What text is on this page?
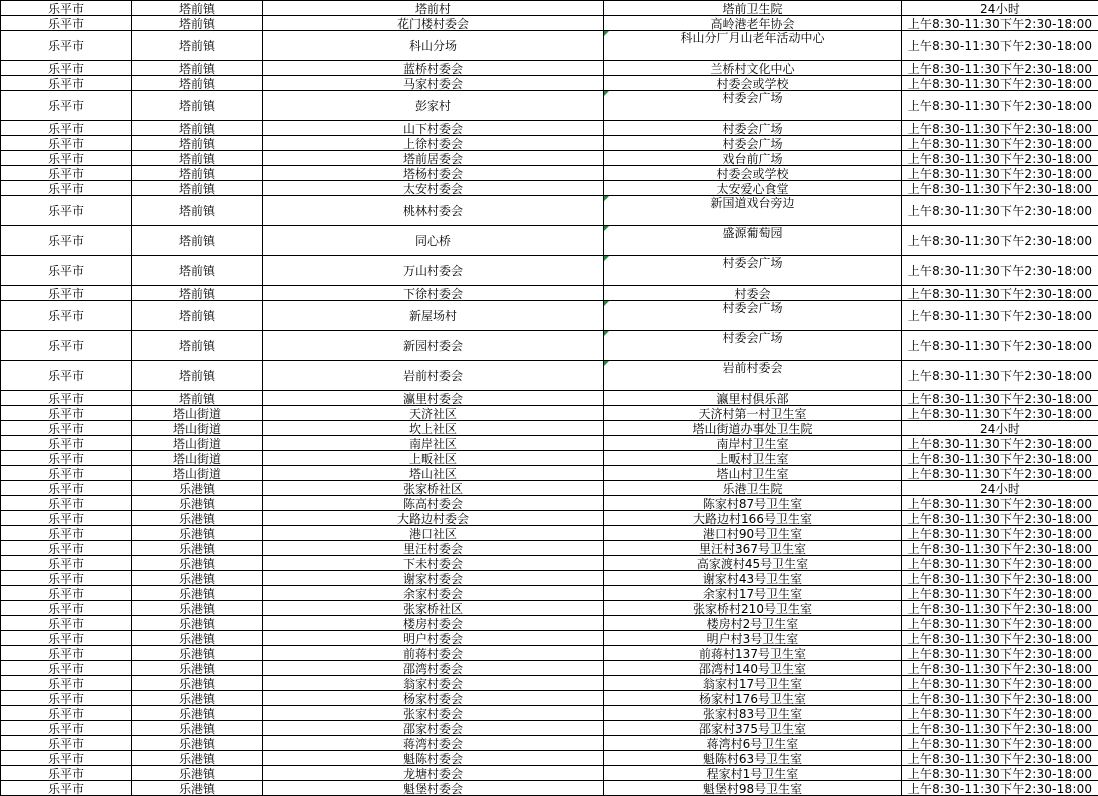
乐平市	塔前镇	塔前村	塔前卫生院	24小时
乐平市	塔前镇	花门楼村委会	高岭港老年协会	上午8:30-11:30下午2:30-18:00
乐平市	塔前镇	科山分场	科山分厂月山老年活动中心	上午8:30-11:30下午2:30-18:00
乐平市	塔前镇	蓝桥村委会	兰桥村文化中心	上午8:30-11:30下午2:30-18:00
乐平市	塔前镇	马家村委会	村委会或学校	上午8:30-11:30下午2:30-18:00
乐平市	塔前镇	彭家村	村委会广场	上午8:30-11:30下午2:30-18:00
乐平市	塔前镇	山下村委会	村委会广场	上午8:30-11:30下午2:30-18:00
乐平市	塔前镇	上徐村委会	村委会广场	上午8:30-11:30下午2:30-18:00
乐平市	塔前镇	塔前居委会	戏台前广场	上午8:30-11:30下午2:30-18:00
乐平市	塔前镇	塔杨村委会	村委会或学校	上午8:30-11:30下午2:30-18:00
乐平市	塔前镇	太安村委会	太安爱心食堂	上午8:30-11:30下午2:30-18:00
乐平市	塔前镇	桃林村委会	新国道戏台旁边	上午8:30-11:30下午2:30-18:00
乐平市	塔前镇	同心桥	盛源葡萄园	上午8:30-11:30下午2:30-18:00
乐平市	塔前镇	万山村委会	村委会广场	上午8:30-11:30下午2:30-18:00
乐平市	塔前镇	下徐村委会	村委会	上午8:30-11:30下午2:30-18:00
乐平市	塔前镇	新屋场村	村委会广场	上午8:30-11:30下午2:30-18:00
乐平市	塔前镇	新园村委会	村委会广场	上午8:30-11:30下午2:30-18:00
乐平市	塔前镇	岩前村委会	岩前村委会	上午8:30-11:30下午2:30-18:00
乐平市	塔前镇	瀛里村委会	瀛里村俱乐部	上午8:30-11:30下午2:30-18:00
乐平市	塔山街道	天济社区	天济村第一村卫生室	上午8:30-11:30下午2:30-18:00
乐平市	塔山街道	坎上社区	塔山街道办事处卫生院	24小时
乐平市	塔山街道	南岸社区	南岸村卫生室	上午8:30-11:30下午2:30-18:00
乐平市	塔山街道	上畈社区	上畈村卫生室	上午8:30-11:30下午2:30-18:00
乐平市	塔山街道	塔山社区	塔山村卫生室	上午8:30-11:30下午2:30-18:00
乐平市	乐港镇	张家桥社区	乐港卫生院	24小时
乐平市	乐港镇	陈高村委会	陈家村87号卫生室	上午8:30-11:30下午2:30-18:00
乐平市	乐港镇	大路边村委会	大路边村166号卫生室	上午8:30-11:30下午2:30-18:00
乐平市	乐港镇	港口社区	港口村90号卫生室	上午8:30-11:30下午2:30-18:00
乐平市	乐港镇	里汪村委会	里汪村367号卫生室	上午8:30-11:30下午2:30-18:00
乐平市	乐港镇	下未村委会	高家渡村45号卫生室	上午8:30-11:30下午2:30-18:00
乐平市	乐港镇	谢家村委会	谢家村43号卫生室	上午8:30-11:30下午2:30-18:00
乐平市	乐港镇	余家村委会	余家村17号卫生室	上午8:30-11:30下午2:30-18:00
乐平市	乐港镇	张家桥社区	张家桥村210号卫生室	上午8:30-11:30下午2:30-18:00
乐平市	乐港镇	楼房村委会	楼房村2号卫生室	上午8:30-11:30下午2:30-18:00
乐平市	乐港镇	明户村委会	明户村3号卫生室	上午8:30-11:30下午2:30-18:00
乐平市	乐港镇	前蒋村委会	前蒋村137号卫生室	上午8:30-11:30下午2:30-18:00
乐平市	乐港镇	邵湾村委会	邵湾村140号卫生室	上午8:30-11:30下午2:30-18:00
乐平市	乐港镇	翁家村委会	翁家村17号卫生室	上午8:30-11:30下午2:30-18:00
乐平市	乐港镇	杨家村委会	杨家村176号卫生室	上午8:30-11:30下午2:30-18:00
乐平市	乐港镇	张家村委会	张家村83号卫生室	上午8:30-11:30下午2:30-18:00
乐平市	乐港镇	邵家村委会	邵家村375号卫生室	上午8:30-11:30下午2:30-18:00
乐平市	乐港镇	蒋湾村委会	蒋湾村6号卫生室	上午8:30-11:30下午2:30-18:00
乐平市	乐港镇	魁陈村委会	魁陈村63号卫生室	上午8:30-11:30下午2:30-18:00
乐平市	乐港镇	龙塘村委会	程家村1号卫生室	上午8:30-11:30下午2:30-18:00
乐平市	乐港镇	魁堡村委会	魁堡村98号卫生室	上午8:30-11:30下午2:30-18:00
